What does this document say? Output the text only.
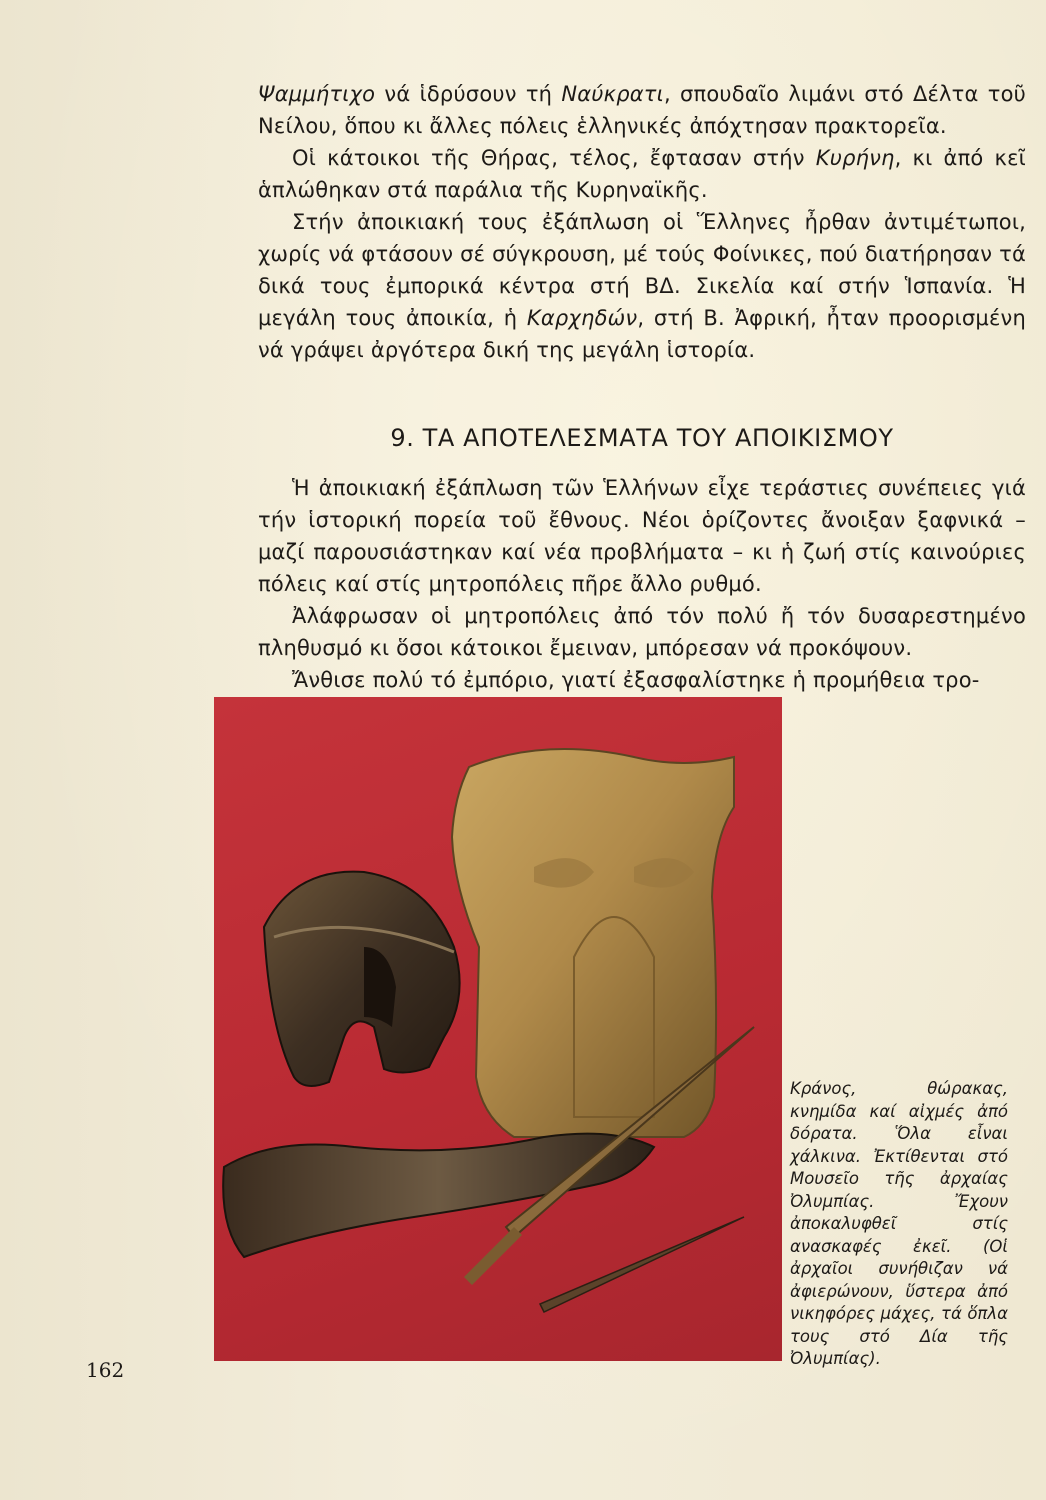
Ψαμμήτιχο νά ἱδρύσουν τή Ναύκρατι, σπουδαῖο λιμάνι στό Δέλτα τοῦ Νείλου, ὅπου κι ἄλλες πόλεις ἑλληνικές ἀπόχτησαν πρακτορεῖα.

Οἱ κάτοικοι τῆς Θήρας, τέλος, ἔφτασαν στήν Κυρήνη, κι ἀπό κεῖ ἁπλώθηκαν στά παράλια τῆς Κυρηναϊκῆς.

Στήν ἀποικιακή τους ἐξάπλωση οἱ Ἕλληνες ἦρθαν ἀντιμέτωποι, χωρίς νά φτάσουν σέ σύγκρουση, μέ τούς Φοίνικες, πού διατήρησαν τά δικά τους ἐμπορικά κέντρα στή ΒΔ. Σικελία καί στήν Ἱσπανία. Ἡ μεγάλη τους ἀποικία, ἡ Καρχηδών, στή Β. Ἀφρική, ἦταν προορισμένη νά γράψει ἀργότερα δική της μεγάλη ἱστορία.

9. ΤΑ ΑΠΟΤΕΛΕΣΜΑΤΑ ΤΟΥ ΑΠΟΙΚΙΣΜΟΥ

Ἡ ἀποικιακή ἐξάπλωση τῶν Ἑλλήνων εἶχε τεράστιες συνέπειες γιά τήν ἱστορική πορεία τοῦ ἔθνους. Νέοι ὁρίζοντες ἄνοιξαν ξαφνικά – μαζί παρουσιάστηκαν καί νέα προβλήματα – κι ἡ ζωή στίς καινούριες πόλεις καί στίς μητροπόλεις πῆρε ἄλλο ρυθμό.

Ἀλάφρωσαν οἱ μητροπόλεις ἀπό τόν πολύ ἤ τόν δυσαρεστημένο πληθυσμό κι ὅσοι κάτοικοι ἔμειναν, μπόρεσαν νά προκόψουν.

Ἄνθισε πολύ τό ἐμπόριο, γιατί ἐξασφαλίστηκε ἡ προμήθεια τρο-

Κράνος, θώρακας, κνημίδα καί αἰχμές ἀπό δόρατα. Ὅλα εἶναι χάλκινα. Ἐκτίθενται στό Μουσεῖο τῆς ἀρχαίας Ὀλυμπίας. Ἔχουν ἀποκαλυφθεῖ στίς ανασκαφές ἐκεῖ. (Οἱ ἀρχαῖοι συνήθιζαν νά ἀφιερώνουν, ὕστερα ἀπό νικηφόρες μάχες, τά ὅπλα τους στό Δία τῆς Ὀλυμπίας).
162
